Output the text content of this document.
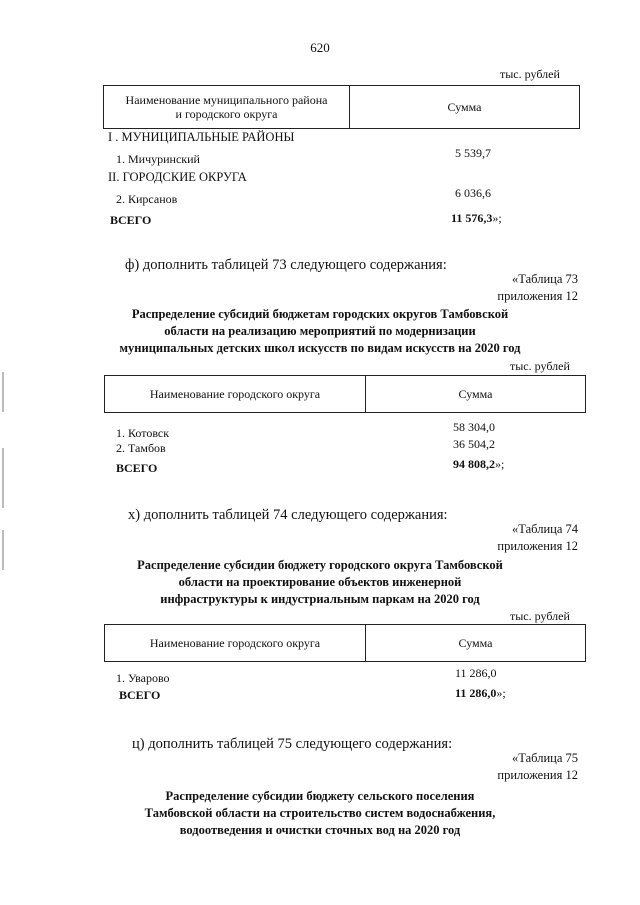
620
тыс. рублей
Наименование муниципального района
и городского округа	Сумма
I . МУНИЦИПАЛЬНЫЕ РАЙОНЫ
1. Мичуринский	5 539,7
II. ГОРОДСКИЕ ОКРУГА
2. Кирсанов	6 036,6
ВСЕГО	11 576,3»;
ф) дополнить таблицей 73 следующего содержания:
«Таблица 73
приложения 12
Распределение субсидий бюджетам городских округов Тамбовской области на реализацию мероприятий по модернизации муниципальных детских школ искусств по видам искусств на 2020 год
тыс. рублей
Наименование городского округа	Сумма
1. Котовск	58 304,0
2. Тамбов	36 504,2
ВСЕГО	94 808,2»;
х) дополнить таблицей 74 следующего содержания:
«Таблица 74
приложения 12
Распределение субсидии бюджету городского округа Тамбовской области на проектирование объектов инженерной инфраструктуры к индустриальным паркам на 2020 год
тыс. рублей
Наименование городского округа	Сумма
1. Уварово	11 286,0
ВСЕГО	11 286,0»;
ц) дополнить таблицей 75 следующего содержания:
«Таблица 75
приложения 12
Распределение субсидии бюджету сельского поселения Тамбовской области на строительство систем водоснабжения, водоотведения и очистки сточных вод на 2020 год
